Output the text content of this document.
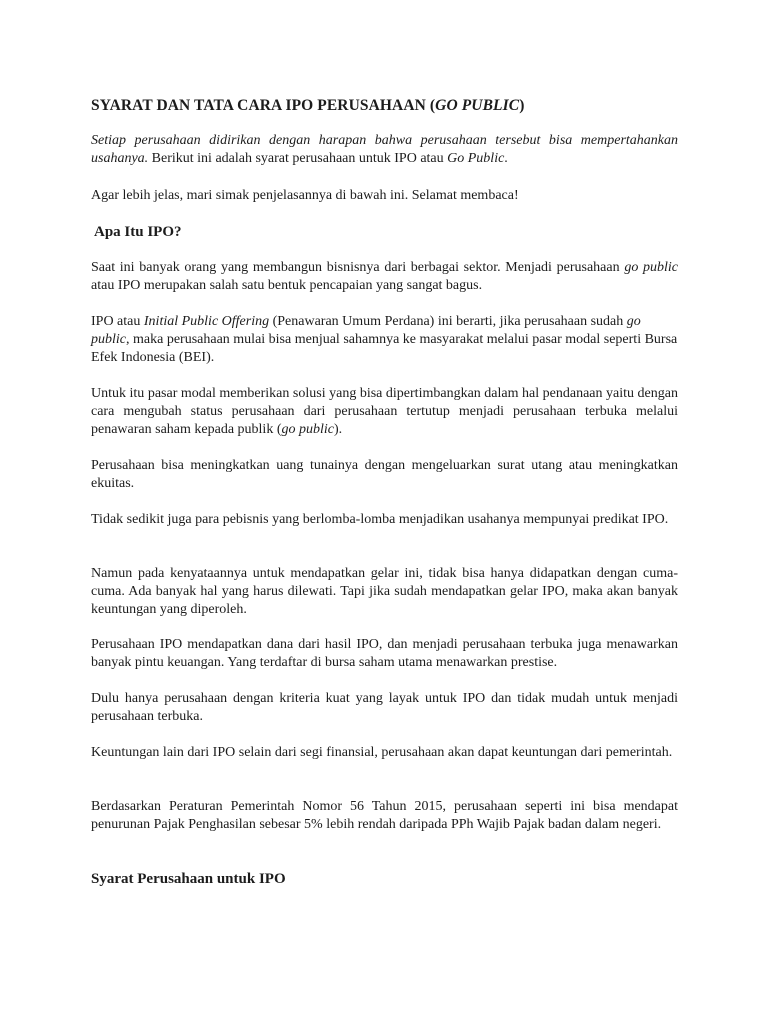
SYARAT DAN TATA CARA IPO PERUSAHAAN (GO PUBLIC)

Setiap perusahaan didirikan dengan harapan bahwa perusahaan tersebut bisa mempertahankan usahanya. Berikut ini adalah syarat perusahaan untuk IPO atau Go Public.

Agar lebih jelas, mari simak penjelasannya di bawah ini. Selamat membaca!

Apa Itu IPO?

Saat ini banyak orang yang membangun bisnisnya dari berbagai sektor. Menjadi perusahaan go public atau IPO merupakan salah satu bentuk pencapaian yang sangat bagus.

IPO atau Initial Public Offering (Penawaran Umum Perdana) ini berarti, jika perusahaan sudah go public, maka perusahaan mulai bisa menjual sahamnya ke masyarakat melalui pasar modal seperti Bursa Efek Indonesia (BEI).

Untuk itu pasar modal memberikan solusi yang bisa dipertimbangkan dalam hal pendanaan yaitu dengan cara mengubah status perusahaan dari perusahaan tertutup menjadi perusahaan terbuka melalui penawaran saham kepada publik (go public).

Perusahaan bisa meningkatkan uang tunainya dengan mengeluarkan surat utang atau meningkatkan ekuitas.

Tidak sedikit juga para pebisnis yang berlomba-lomba menjadikan usahanya mempunyai predikat IPO.

Namun pada kenyataannya untuk mendapatkan gelar ini, tidak bisa hanya didapatkan dengan cuma-cuma. Ada banyak hal yang harus dilewati. Tapi jika sudah mendapatkan gelar IPO, maka akan banyak keuntungan yang diperoleh.

Perusahaan IPO mendapatkan dana dari hasil IPO, dan menjadi perusahaan terbuka juga menawarkan banyak pintu keuangan. Yang terdaftar di bursa saham utama menawarkan prestise.

Dulu hanya perusahaan dengan kriteria kuat yang layak untuk IPO dan tidak mudah untuk menjadi perusahaan terbuka.

Keuntungan lain dari IPO selain dari segi finansial, perusahaan akan dapat keuntungan dari pemerintah.

Berdasarkan Peraturan Pemerintah Nomor 56 Tahun 2015, perusahaan seperti ini bisa mendapat penurunan Pajak Penghasilan sebesar 5% lebih rendah daripada PPh Wajib Pajak badan dalam negeri.

Syarat Perusahaan untuk IPO
